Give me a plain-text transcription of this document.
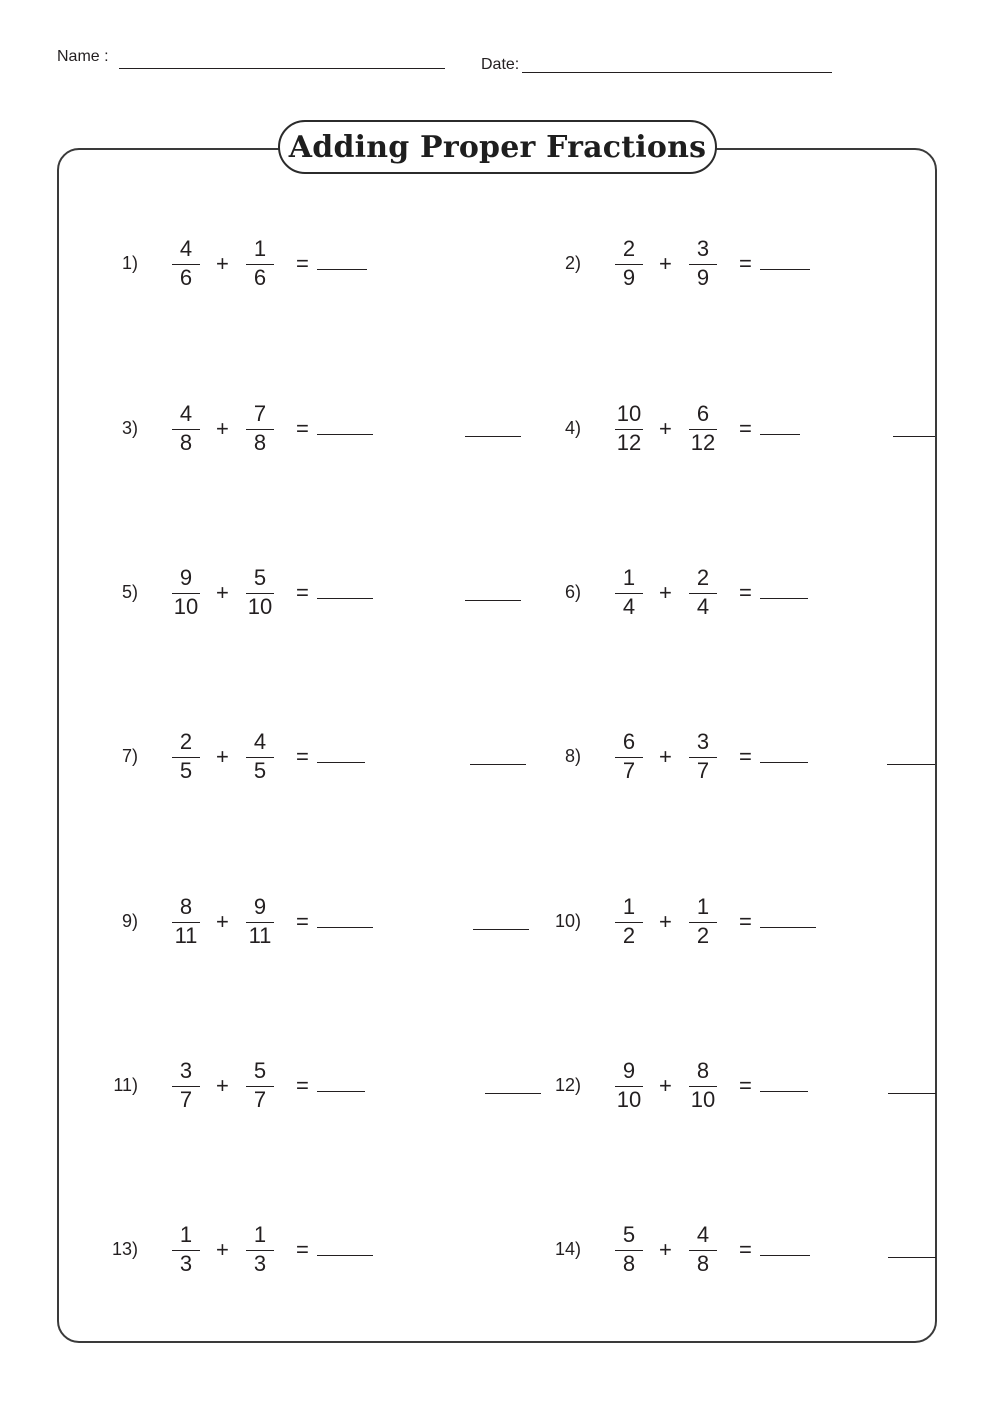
Name :	Date:
Adding Proper Fractions
1)
4
6
+
1
6
=	2)
2
9
+
3
9
=
3)
4
8
+
7
8
=	4)
10
12
+
6
12
=
5)
9
10
+
5
10
=	6)
1
4
+
2
4
=
7)
2
5
+
4
5
=	8)
6
7
+
3
7
=
9)
8
11
+
9
11
=	10)
1
2
+
1
2
=
11)
3
7
+
5
7
=	12)
9
10
+
8
10
=
13)
1
3
+
1
3
=	14)
5
8
+
4
8
=
